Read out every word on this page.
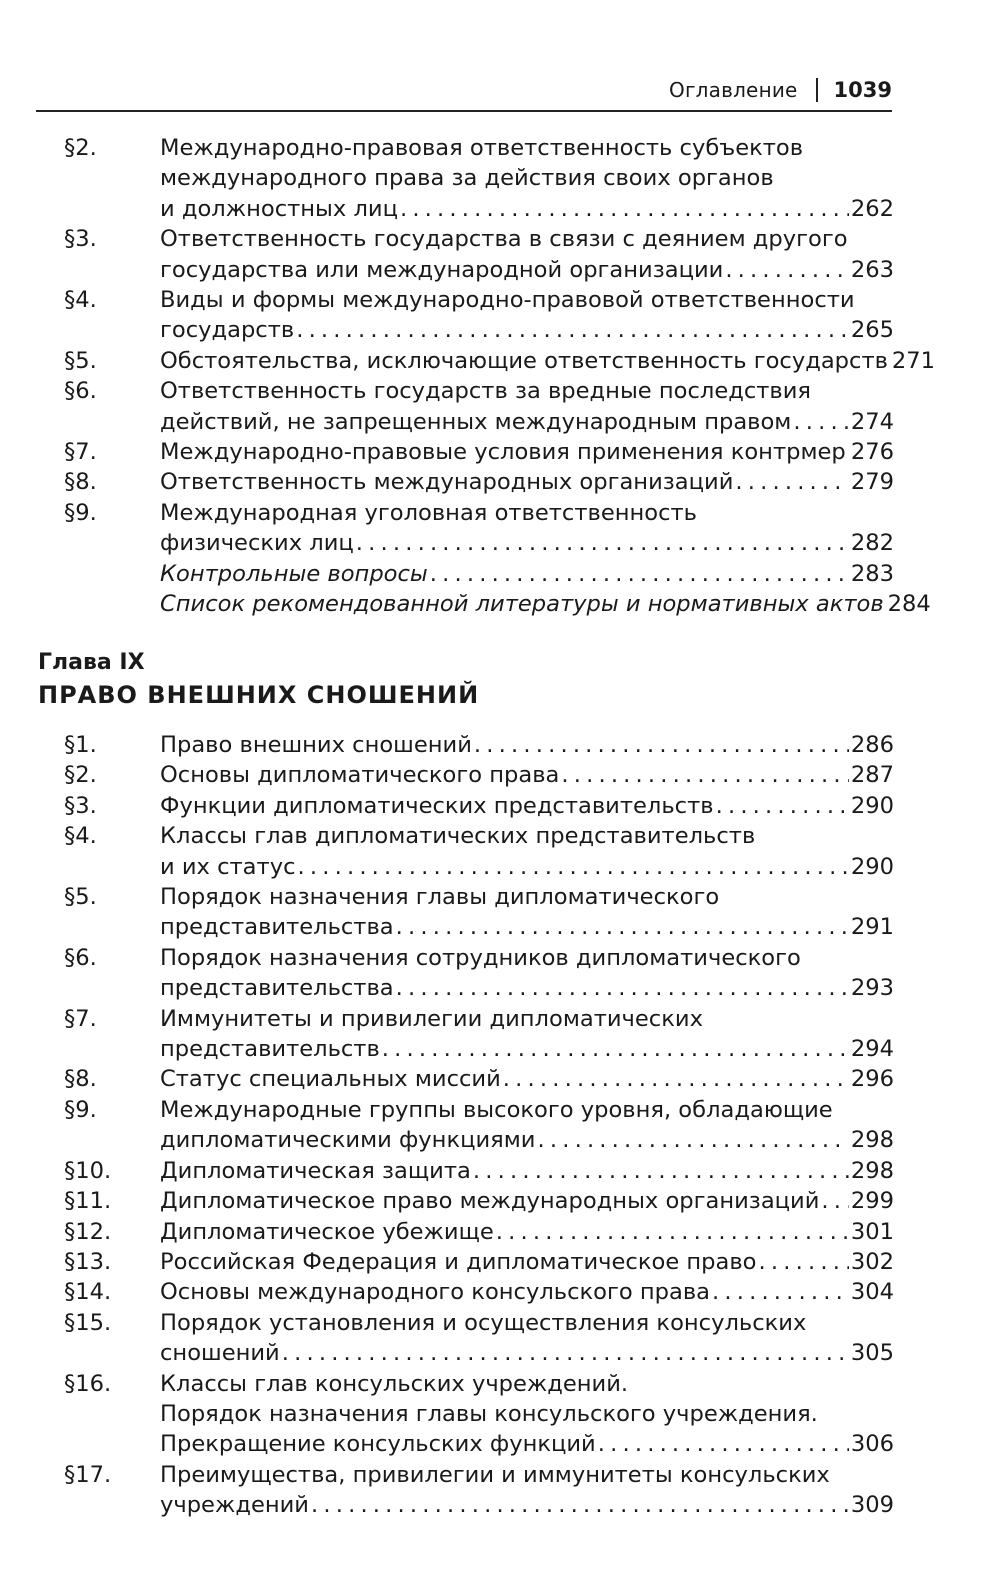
Оглавление 1039
§2.	Международно-правовая ответственность субъектов
международного права за действия своих органов
и должностных лиц . . .	262
§3.	Ответственность государства в связи с деянием другого
государства или международной организации . . .	263
§4.	Виды и формы международно-правовой ответственности
государств . . .	265
§5.	Обстоятельства, исключающие ответственность государств 271
§6.	Ответственность государств за вредные последствия
действий, не запрещенных международным правом . . .	274
§7.	Международно-правовые условия применения контрмер . . . 276
§8.	Ответственность международных организаций . . .	279
§9.	Международная уголовная ответственность
физических лиц . . .	282
Контрольные вопросы . . .	283
Список рекомендованной литературы и нормативных актов 284
Глава IX
ПРАВО ВНЕШНИХ СНОШЕНИЙ
§1.	Право внешних сношений . . .	286
§2.	Основы дипломатического права . . .	287
§3.	Функции дипломатических представительств . . .	290
§4.	Классы глав дипломатических представительств
и их статус . . .	290
§5.	Порядок назначения главы дипломатического
представительства . . .	291
§6.	Порядок назначения сотрудников дипломатического
представительства . . .	293
§7.	Иммунитеты и привилегии дипломатических
представительств . . .	294
§8.	Статус специальных миссий . . .	296
§9.	Международные группы высокого уровня, обладающие
дипломатическими функциями . . .	298
§10.	Дипломатическая защита . . .	298
§11.	Дипломатическое право международных организаций . . . 299
§12.	Дипломатическое убежище . . .	301
§13.	Российская Федерация и дипломатическое право . . .	302
§14.	Основы международного консульского права . . .	304
§15.	Порядок установления и осуществления консульских
сношений . . .	305
§16.	Классы глав консульских учреждений.
Порядок назначения главы консульского учреждения.
Прекращение консульских функций . . .	306
§17.	Преимущества, привилегии и иммунитеты консульских
учреждений . . .	309
